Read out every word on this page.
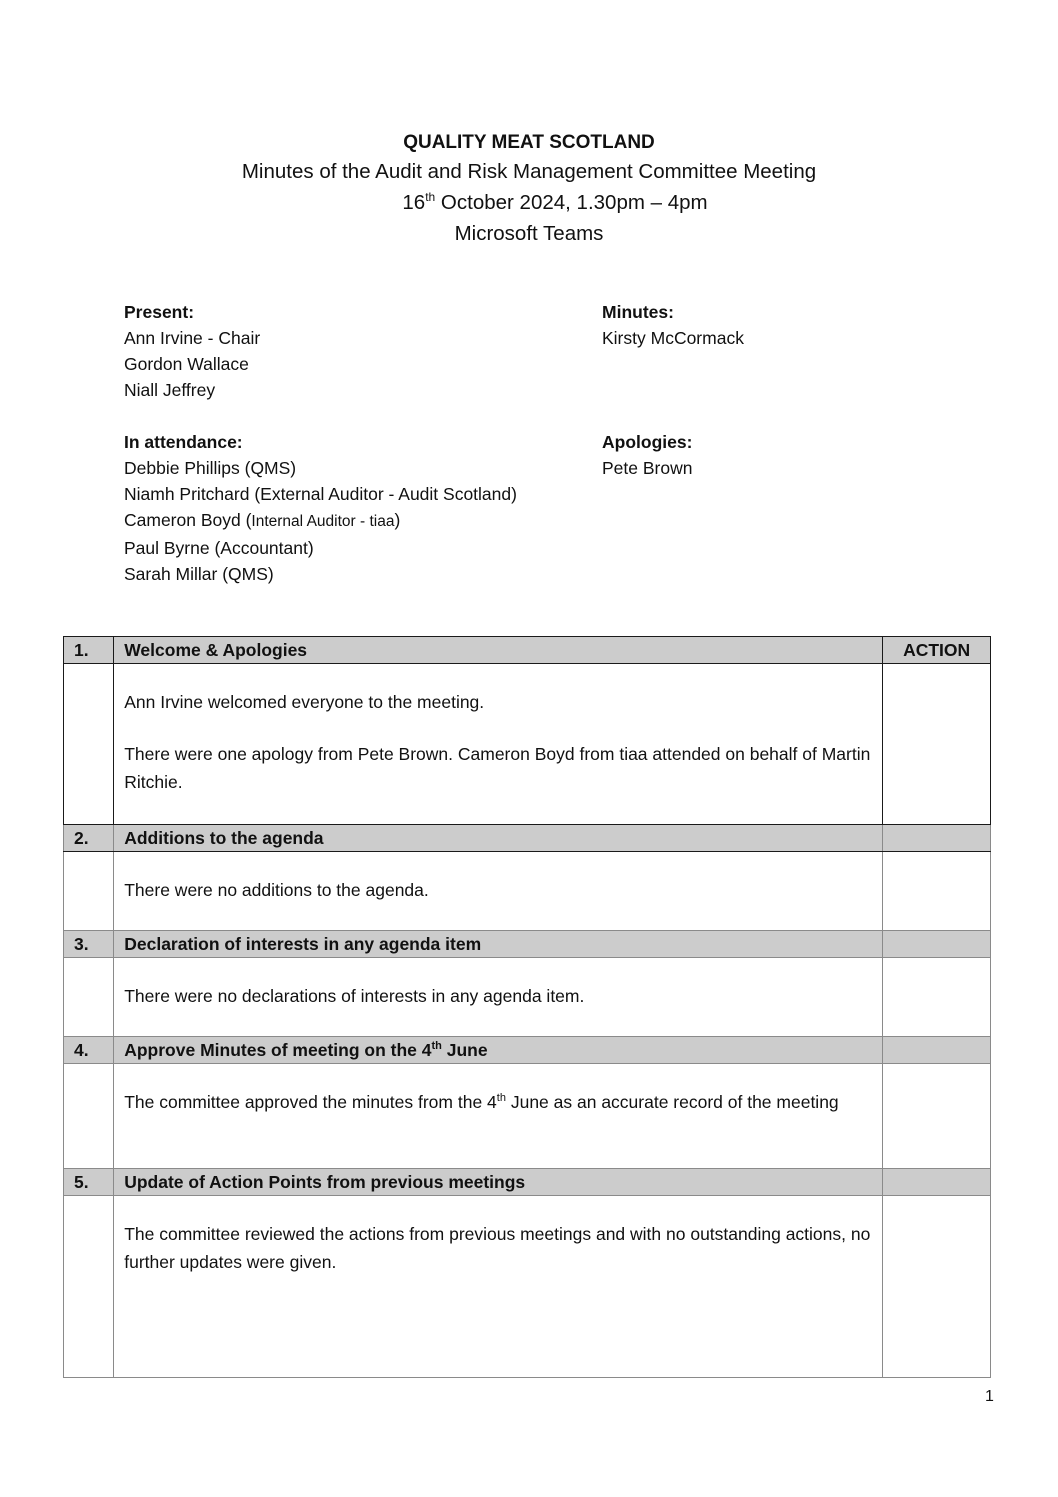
QUALITY MEAT SCOTLAND

Minutes of the Audit and Risk Management Committee Meeting

16th October 2024, 1.30pm – 4pm

Microsoft Teams

Present:
Ann Irvine - Chair
Gordon Wallace
Niall Jeffrey
Minutes:
Kirsty McCormack
In attendance:
Debbie Phillips (QMS)
Niamh Pritchard (External Auditor - Audit Scotland)
Cameron Boyd (Internal Auditor - tiaa)
Paul Byrne (Accountant)
Sarah Millar (QMS)
Apologies:
Pete Brown
1.	Welcome & Apologies	ACTION

	Ann Irvine welcomed everyone to the meeting.

There were one apology from Pete Brown. Cameron Boyd from tiaa attended on behalf of Martin Ritchie.	

2.	Additions to the agenda	

	There were no additions to the agenda.	

3.	Declaration of interests in any agenda item	

	There were no declarations of interests in any agenda item.	

4.	Approve Minutes of meeting on the 4th June	

	The committee approved the minutes from the 4th June as an accurate record of the meeting	

5.	Update of Action Points from previous meetings	

	The committee reviewed the actions from previous meetings and with no outstanding actions, no further updates were given.	

1
